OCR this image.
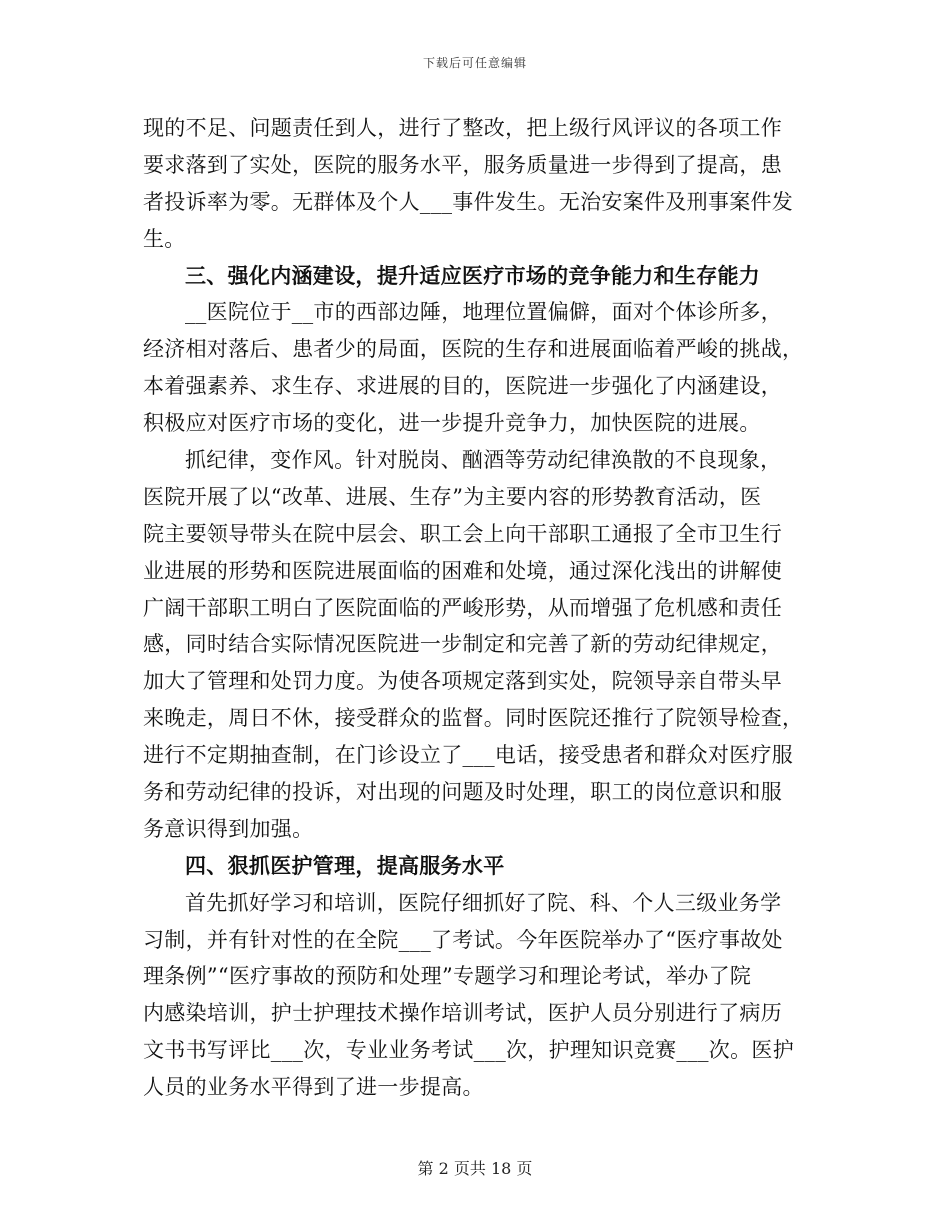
下载后可任意编辑
现的不足、问题责任到人，进行了整改，把上级行风评议的各项工作
要求落到了实处，医院的服务水平，服务质量进一步得到了提高，患
者投诉率为零。无群体及个人___事件发生。无治安案件及刑事案件发
生。
三、强化内涵建设，提升适应医疗市场的竞争能力和生存能力
__医院位于__市的西部边陲，地理位置偏僻，面对个体诊所多，
经济相对落后、患者少的局面，医院的生存和进展面临着严峻的挑战，
本着强素养、求生存、求进展的目的，医院进一步强化了内涵建设，
积极应对医疗市场的变化，进一步提升竞争力，加快医院的进展。
抓纪律，变作风。针对脱岗、酗酒等劳动纪律涣散的不良现象，
医院开展了以“改革、进展、生存”为主要内容的形势教育活动，医
院主要领导带头在院中层会、职工会上向干部职工通报了全市卫生行
业进展的形势和医院进展面临的困难和处境，通过深化浅出的讲解使
广阔干部职工明白了医院面临的严峻形势，从而增强了危机感和责任
感，同时结合实际情况医院进一步制定和完善了新的劳动纪律规定，
加大了管理和处罚力度。为使各项规定落到实处，院领导亲自带头早
来晚走，周日不休，接受群众的监督。同时医院还推行了院领导检查，
进行不定期抽查制，在门诊设立了___电话，接受患者和群众对医疗服
务和劳动纪律的投诉，对出现的问题及时处理，职工的岗位意识和服
务意识得到加强。
四、狠抓医护管理，提高服务水平
首先抓好学习和培训，医院仔细抓好了院、科、个人三级业务学
习制，并有针对性的在全院___了考试。今年医院举办了“医疗事故处
理条例”“医疗事故的预防和处理”专题学习和理论考试，举办了院
内感染培训，护士护理技术操作培训考试，医护人员分别进行了病历
文书书写评比___次，专业业务考试___次，护理知识竞赛___次。医护
人员的业务水平得到了进一步提高。
第 2 页共 18 页
